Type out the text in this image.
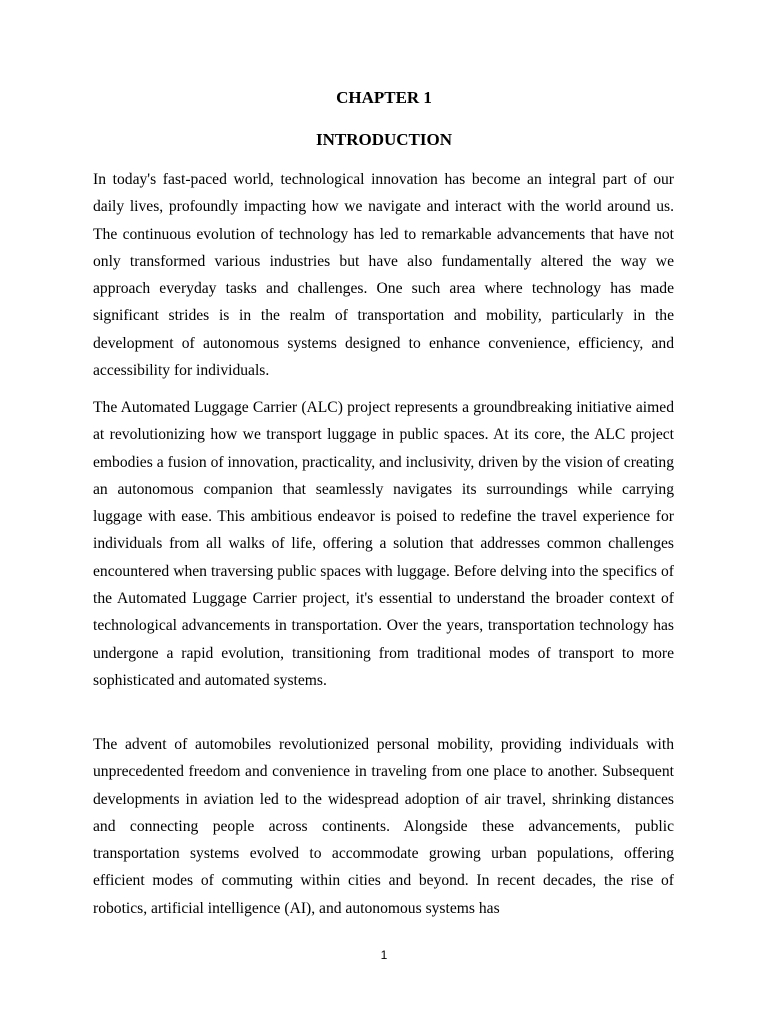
CHAPTER 1
INTRODUCTION

In today's fast-paced world, technological innovation has become an integral part of our daily lives, profoundly impacting how we navigate and interact with the world around us. The continuous evolution of technology has led to remarkable advancements that have not only transformed various industries but have also fundamentally altered the way we approach everyday tasks and challenges. One such area where technology has made significant strides is in the realm of transportation and mobility, particularly in the development of autonomous systems designed to enhance convenience, efficiency, and accessibility for individuals.

The Automated Luggage Carrier (ALC) project represents a groundbreaking initiative aimed at revolutionizing how we transport luggage in public spaces. At its core, the ALC project embodies a fusion of innovation, practicality, and inclusivity, driven by the vision of creating an autonomous companion that seamlessly navigates its surroundings while carrying luggage with ease. This ambitious endeavor is poised to redefine the travel experience for individuals from all walks of life, offering a solution that addresses common challenges encountered when traversing public spaces with luggage. Before delving into the specifics of the Automated Luggage Carrier project, it's essential to understand the broader context of technological advancements in transportation. Over the years, transportation technology has undergone a rapid evolution, transitioning from traditional modes of transport to more sophisticated and automated systems.

The advent of automobiles revolutionized personal mobility, providing individuals with unprecedented freedom and convenience in traveling from one place to another. Subsequent developments in aviation led to the widespread adoption of air travel, shrinking distances and connecting people across continents. Alongside these advancements, public transportation systems evolved to accommodate growing urban populations, offering efficient modes of commuting within cities and beyond. In recent decades, the rise of robotics, artificial intelligence (AI), and autonomous systems has

1
